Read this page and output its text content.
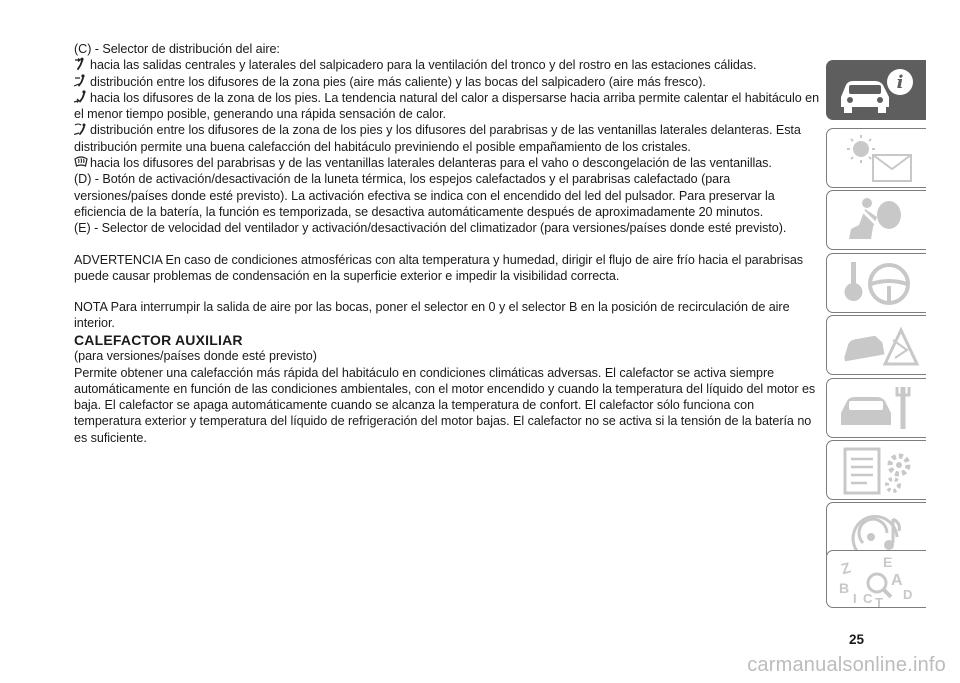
(C) - Selector de distribución del aire:

hacia las salidas centrales y laterales del salpicadero para la ventilación del tronco y del rostro en las estaciones cálidas.

distribución entre los difusores de la zona pies (aire más caliente) y las bocas del salpicadero (aire más fresco).

hacia los difusores de la zona de los pies. La tendencia natural del calor a dispersarse hacia arriba permite calentar el habitáculo en el menor tiempo posible, generando una rápida sensación de calor.

distribución entre los difusores de la zona de los pies y los difusores del parabrisas y de las ventanillas laterales delanteras. Esta distribución permite una buena calefacción del habitáculo previniendo el posible empañamiento de los cristales.

hacia los difusores del parabrisas y de las ventanillas laterales delanteras para el vaho o descongelación de las ventanillas.

(D) - Botón de activación/desactivación de la luneta térmica, los espejos calefactados y el parabrisas calefactado (para versiones/países donde esté previsto). La activación efectiva se indica con el encendido del led del pulsador. Para preservar la eficiencia de la batería, la función es temporizada, se desactiva automáticamente después de aproximadamente 20 minutos.

(E) - Selector de velocidad del ventilador y activación/desactivación del climatizador (para versiones/países donde esté previsto).

ADVERTENCIA En caso de condiciones atmosféricas con alta temperatura y humedad, dirigir el flujo de aire frío hacia el parabrisas puede causar problemas de condensación en la superficie exterior e impedir la visibilidad correcta.

NOTA Para interrumpir la salida de aire por las bocas, poner el selector en 0 y el selector B en la posición de recirculación de aire interior.

CALEFACTOR AUXILIAR

(para versiones/países donde esté previsto)

Permite obtener una calefacción más rápida del habitáculo en condiciones climáticas adversas. El calefactor se activa siempre automáticamente en función de las condiciones ambientales, con el motor encendido y cuando la temperatura del líquido del motor es baja. El calefactor se apaga automáticamente cuando se alcanza la temperatura de confort. El calefactor sólo funciona con temperatura exterior y temperatura del líquido de refrigeración del motor bajas. El calefactor no se activa si la tensión de la batería no es suficiente.

i
Z E
B	A
D
I C T
25
carmanualsonline.info
